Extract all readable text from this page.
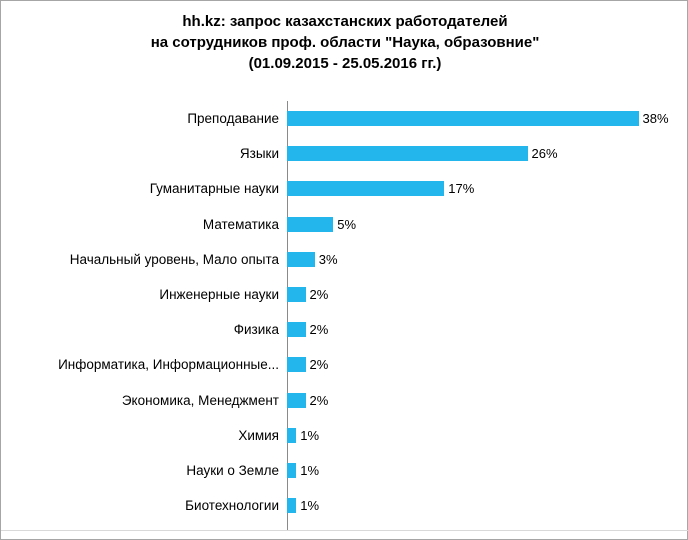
hh.kz: запрос казахстанских работодателей
на сотрудников проф. области "Наука, образовние"
(01.09.2015 - 25.05.2016 гг.)
Преподавание	38%
Языки	26%
Гуманитарные науки	17%
Математика	5%
Начальный уровень, Мало опыта	3%
Инженерные науки	2%
Физика	2%
Информатика, Информационные...	2%
Экономика, Менеджмент	2%
Химия	1%
Науки о Земле	1%
Биотехнологии	1%
